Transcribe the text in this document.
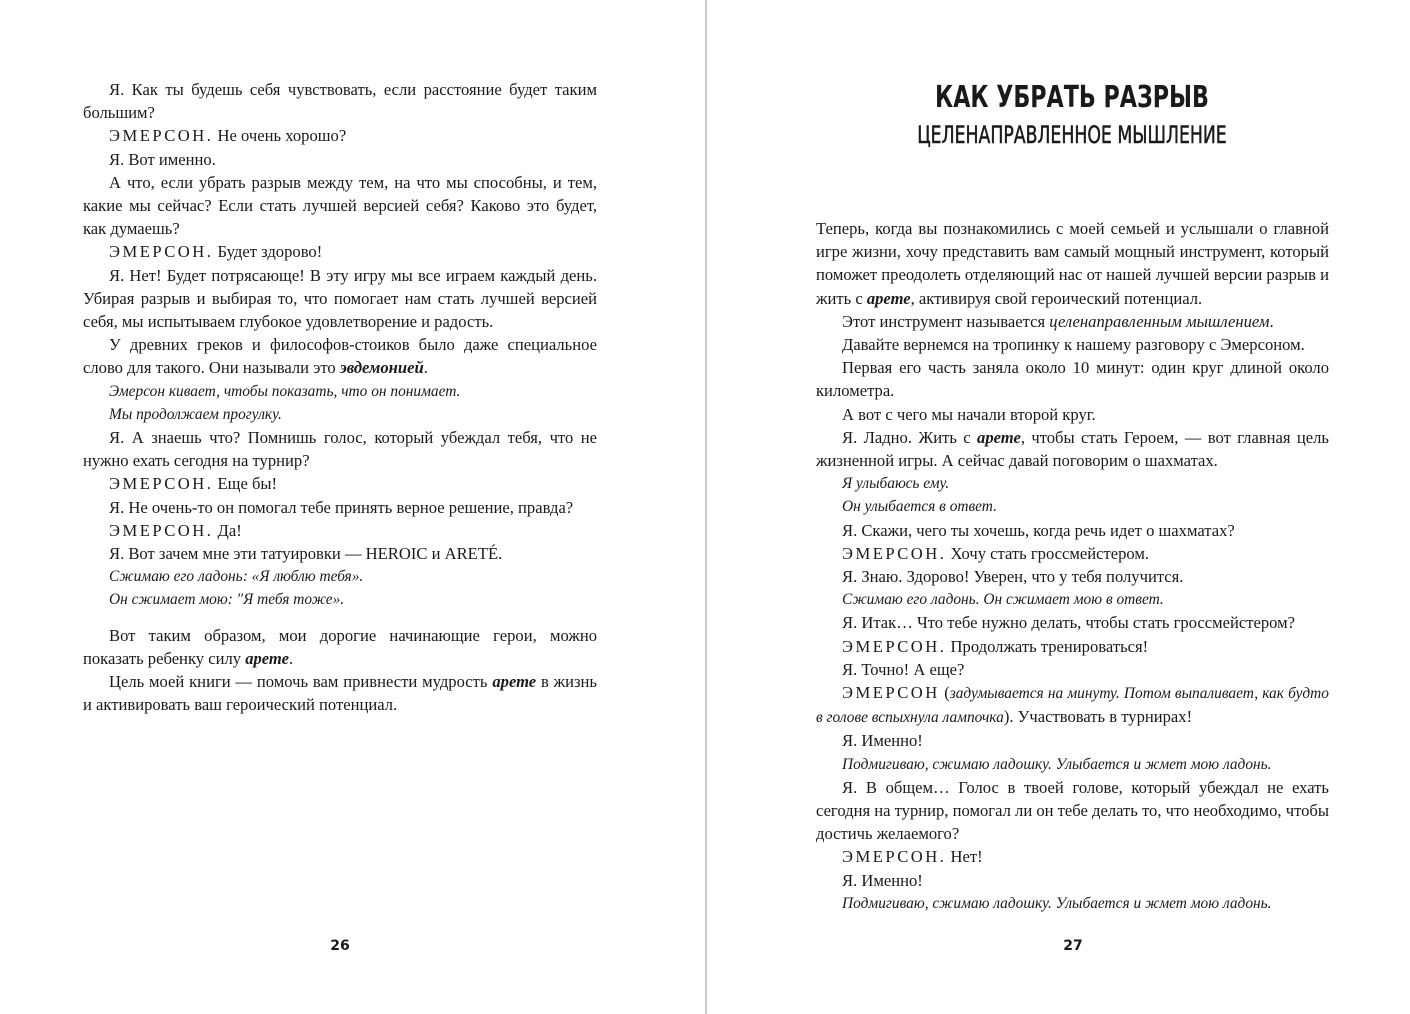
Я. Как ты будешь себя чувствовать, если расстояние будет таким большим?

ЭМЕРСОН. Не очень хорошо?

Я. Вот именно.

А что, если убрать разрыв между тем, на что мы способны, и тем, какие мы сейчас? Если стать лучшей версией себя? Каково это будет, как думаешь?

ЭМЕРСОН. Будет здорово!

Я. Нет! Будет потрясающе! В эту игру мы все играем каждый день. Убирая разрыв и выбирая то, что помогает нам стать лучшей версией себя, мы испытываем глубокое удовлетворение и радость.

У древних греков и философов-стоиков было даже специальное слово для такого. Они называли это эвдемонией.

Эмерсон кивает, чтобы показать, что он понимает.

Мы продолжаем прогулку.

Я. А знаешь что? Помнишь голос, который убеждал тебя, что не нужно ехать сегодня на турнир?

ЭМЕРСОН. Еще бы!

Я. Не очень-то он помогал тебе принять верное решение, правда?

ЭМЕРСОН. Да!

Я. Вот зачем мне эти татуировки — HEROIC и ARETÉ.

Сжимаю его ладонь: «Я люблю тебя».

Он сжимает мою: "Я тебя тоже».

Вот таким образом, мои дорогие начинающие герои, можно показать ребенку силу арете.

Цель моей книги — помочь вам привнести мудрость арете в жизнь и активировать ваш героический потенциал.

26
КАК УБРАТЬ РАЗРЫВ
ЦЕЛЕНАПРАВЛЕННОЕ МЫШЛЕНИЕ

Теперь, когда вы познакомились с моей семьей и услышали о главной игре жизни, хочу представить вам самый мощный инструмент, который поможет преодолеть отделяющий нас от нашей лучшей версии разрыв и жить с арете, активируя свой героический потенциал.

Этот инструмент называется целенаправленным мышлением.

Давайте вернемся на тропинку к нашему разговору с Эмерсоном.

Первая его часть заняла около 10 минут: один круг длиной около километра.

А вот с чего мы начали второй круг.

Я. Ладно. Жить с арете, чтобы стать Героем, — вот главная цель жизненной игры. А сейчас давай поговорим о шахматах.

Я улыбаюсь ему.

Он улыбается в ответ.

Я. Скажи, чего ты хочешь, когда речь идет о шахматах?

ЭМЕРСОН. Хочу стать гроссмейстером.

Я. Знаю. Здорово! Уверен, что у тебя получится.

Сжимаю его ладонь. Он сжимает мою в ответ.

Я. Итак… Что тебе нужно делать, чтобы стать гроссмейстером?

ЭМЕРСОН. Продолжать тренироваться!

Я. Точно! А еще?

ЭМЕРСОН (задумывается на минуту. Потом выпаливает, как будто в голове вспыхнула лампочка). Участвовать в турнирах!

Я. Именно!

Подмигиваю, сжимаю ладошку. Улыбается и жмет мою ладонь.

Я. В общем… Голос в твоей голове, который убеждал не ехать сегодня на турнир, помогал ли он тебе делать то, что необходимо, чтобы достичь желаемого?

ЭМЕРСОН. Нет!

Я. Именно!

Подмигиваю, сжимаю ладошку. Улыбается и жмет мою ладонь.

27
